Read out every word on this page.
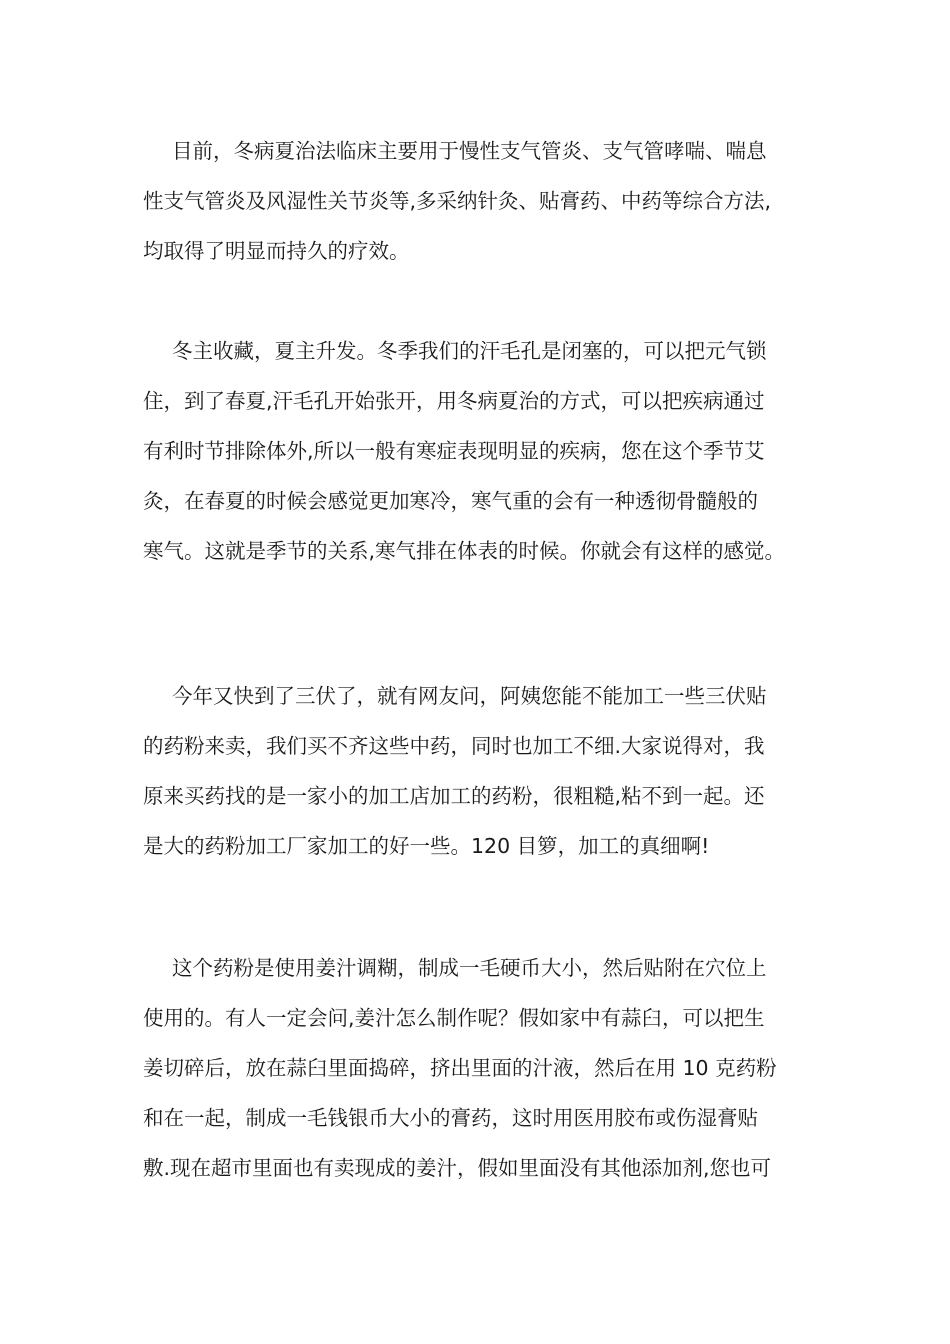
目前，冬病夏治法临床主要用于慢性支气管炎、支气管哮喘、喘息
性支气管炎及风湿性关节炎等,多采纳针灸、贴膏药、中药等综合方法,
均取得了明显而持久的疗效。
冬主收藏，夏主升发。冬季我们的汗毛孔是闭塞的，可以把元气锁
住，到了春夏,汗毛孔开始张开，用冬病夏治的方式，可以把疾病通过
有利时节排除体外,所以一般有寒症表现明显的疾病，您在这个季节艾
灸，在春夏的时候会感觉更加寒冷，寒气重的会有一种透彻骨髓般的
寒气。这就是季节的关系,寒气排在体表的时候。你就会有这样的感觉。
今年又快到了三伏了，就有网友问，阿姨您能不能加工一些三伏贴
的药粉来卖，我们买不齐这些中药，同时也加工不细.大家说得对，我
原来买药找的是一家小的加工店加工的药粉，很粗糙,粘不到一起。还
是大的药粉加工厂家加工的好一些。120 目箩，加工的真细啊!
这个药粉是使用姜汁调糊，制成一毛硬币大小，然后贴附在穴位上
使用的。有人一定会问,姜汁怎么制作呢？假如家中有蒜臼，可以把生
姜切碎后，放在蒜臼里面捣碎，挤出里面的汁液，然后在用 10 克药粉
和在一起，制成一毛钱银币大小的膏药，这时用医用胶布或伤湿膏贴
敷.现在超市里面也有卖现成的姜汁，假如里面没有其他添加剂,您也可
